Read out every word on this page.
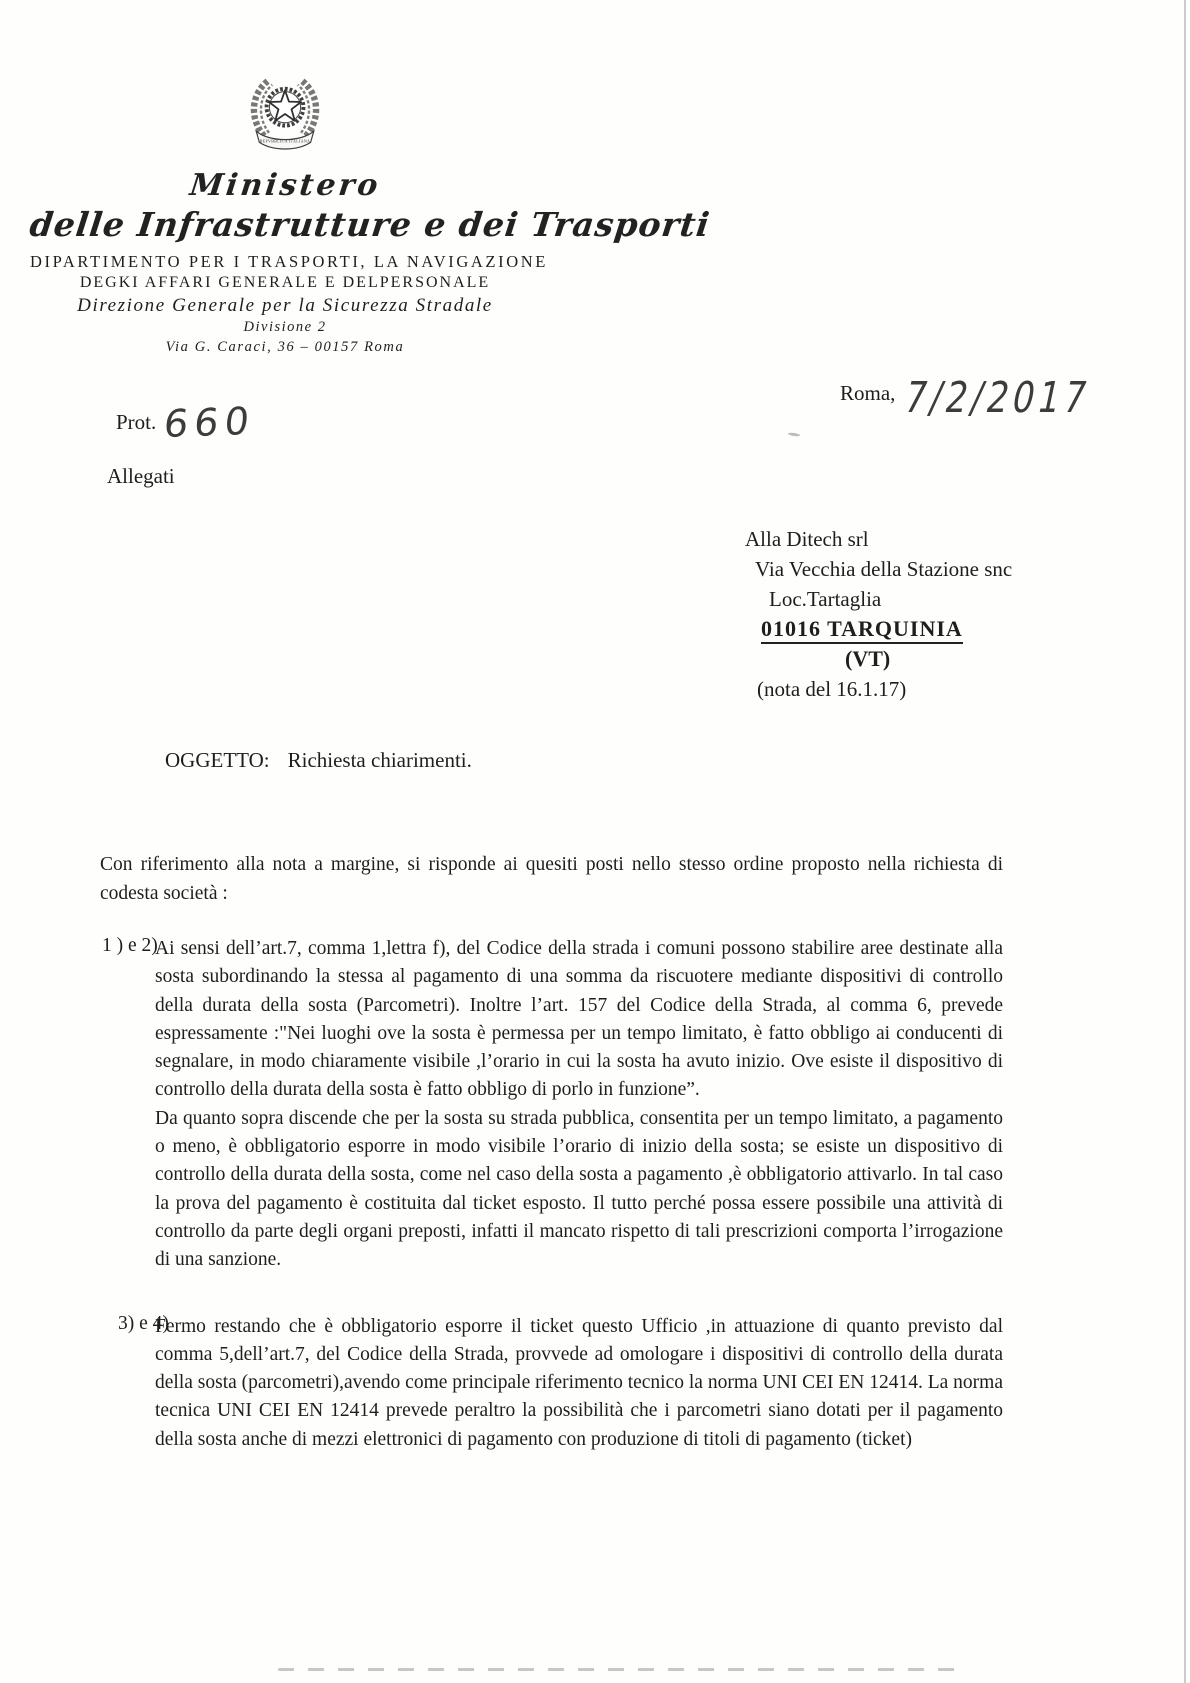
REPVBBLICA ITALIANA
Ministero
delle Infrastrutture e dei Trasporti
DIPARTIMENTO PER I TRASPORTI, LA NAVIGAZIONE
DEGKI AFFARI GENERALE E DELPERSONALE
Direzione Generale per la Sicurezza Stradale
Divisione 2
Via G. Caraci, 36 – 00157 Roma
Roma, 7/2/2017
Prot. 660
Allegati
Alla Ditech srl
Via Vecchia della Stazione snc
Loc.Tartaglia
01016 TARQUINIA
(VT)
(nota del 16.1.17)
OGGETTO: Richiesta chiarimenti.

Con riferimento alla nota a margine, si risponde ai quesiti posti nello stesso ordine proposto nella richiesta di codesta società :

1 ) e 2)

Ai sensi dell’art.7, comma 1,lettra f), del Codice della strada i comuni possono stabilire aree destinate alla sosta subordinando la stessa al pagamento di una somma da riscuotere mediante dispositivi di controllo della durata della sosta (Parcometri). Inoltre l’art. 157 del Codice della Strada, al comma 6, prevede espressamente :"Nei luoghi ove la sosta è permessa per un tempo limitato, è fatto obbligo ai conducenti di segnalare, in modo chiaramente visibile ,l’orario in cui la sosta ha avuto inizio. Ove esiste il dispositivo di controllo della durata della sosta è fatto obbligo di porlo in funzione”.

Da quanto sopra discende che per la sosta su strada pubblica, consentita per un tempo limitato, a pagamento o meno, è obbligatorio esporre in modo visibile l’orario di inizio della sosta; se esiste un dispositivo di controllo della durata della sosta, come nel caso della sosta a pagamento ,è obbligatorio attivarlo. In tal caso la prova del pagamento è costituita dal ticket esposto. Il tutto perché possa essere possibile una attività di controllo da parte degli organi preposti, infatti il mancato rispetto di tali prescrizioni comporta l’irrogazione di una sanzione.

3) e 4)

Fermo restando che è obbligatorio esporre il ticket questo Ufficio ,in attuazione di quanto previsto dal comma 5,dell’art.7, del Codice della Strada, provvede ad omologare i dispositivi di controllo della durata della sosta (parcometri),avendo come principale riferimento tecnico la norma UNI CEI EN 12414. La norma tecnica UNI CEI EN 12414 prevede peraltro la possibilità che i parcometri siano dotati per il pagamento della sosta anche di mezzi elettronici di pagamento con produzione di titoli di pagamento (ticket)
